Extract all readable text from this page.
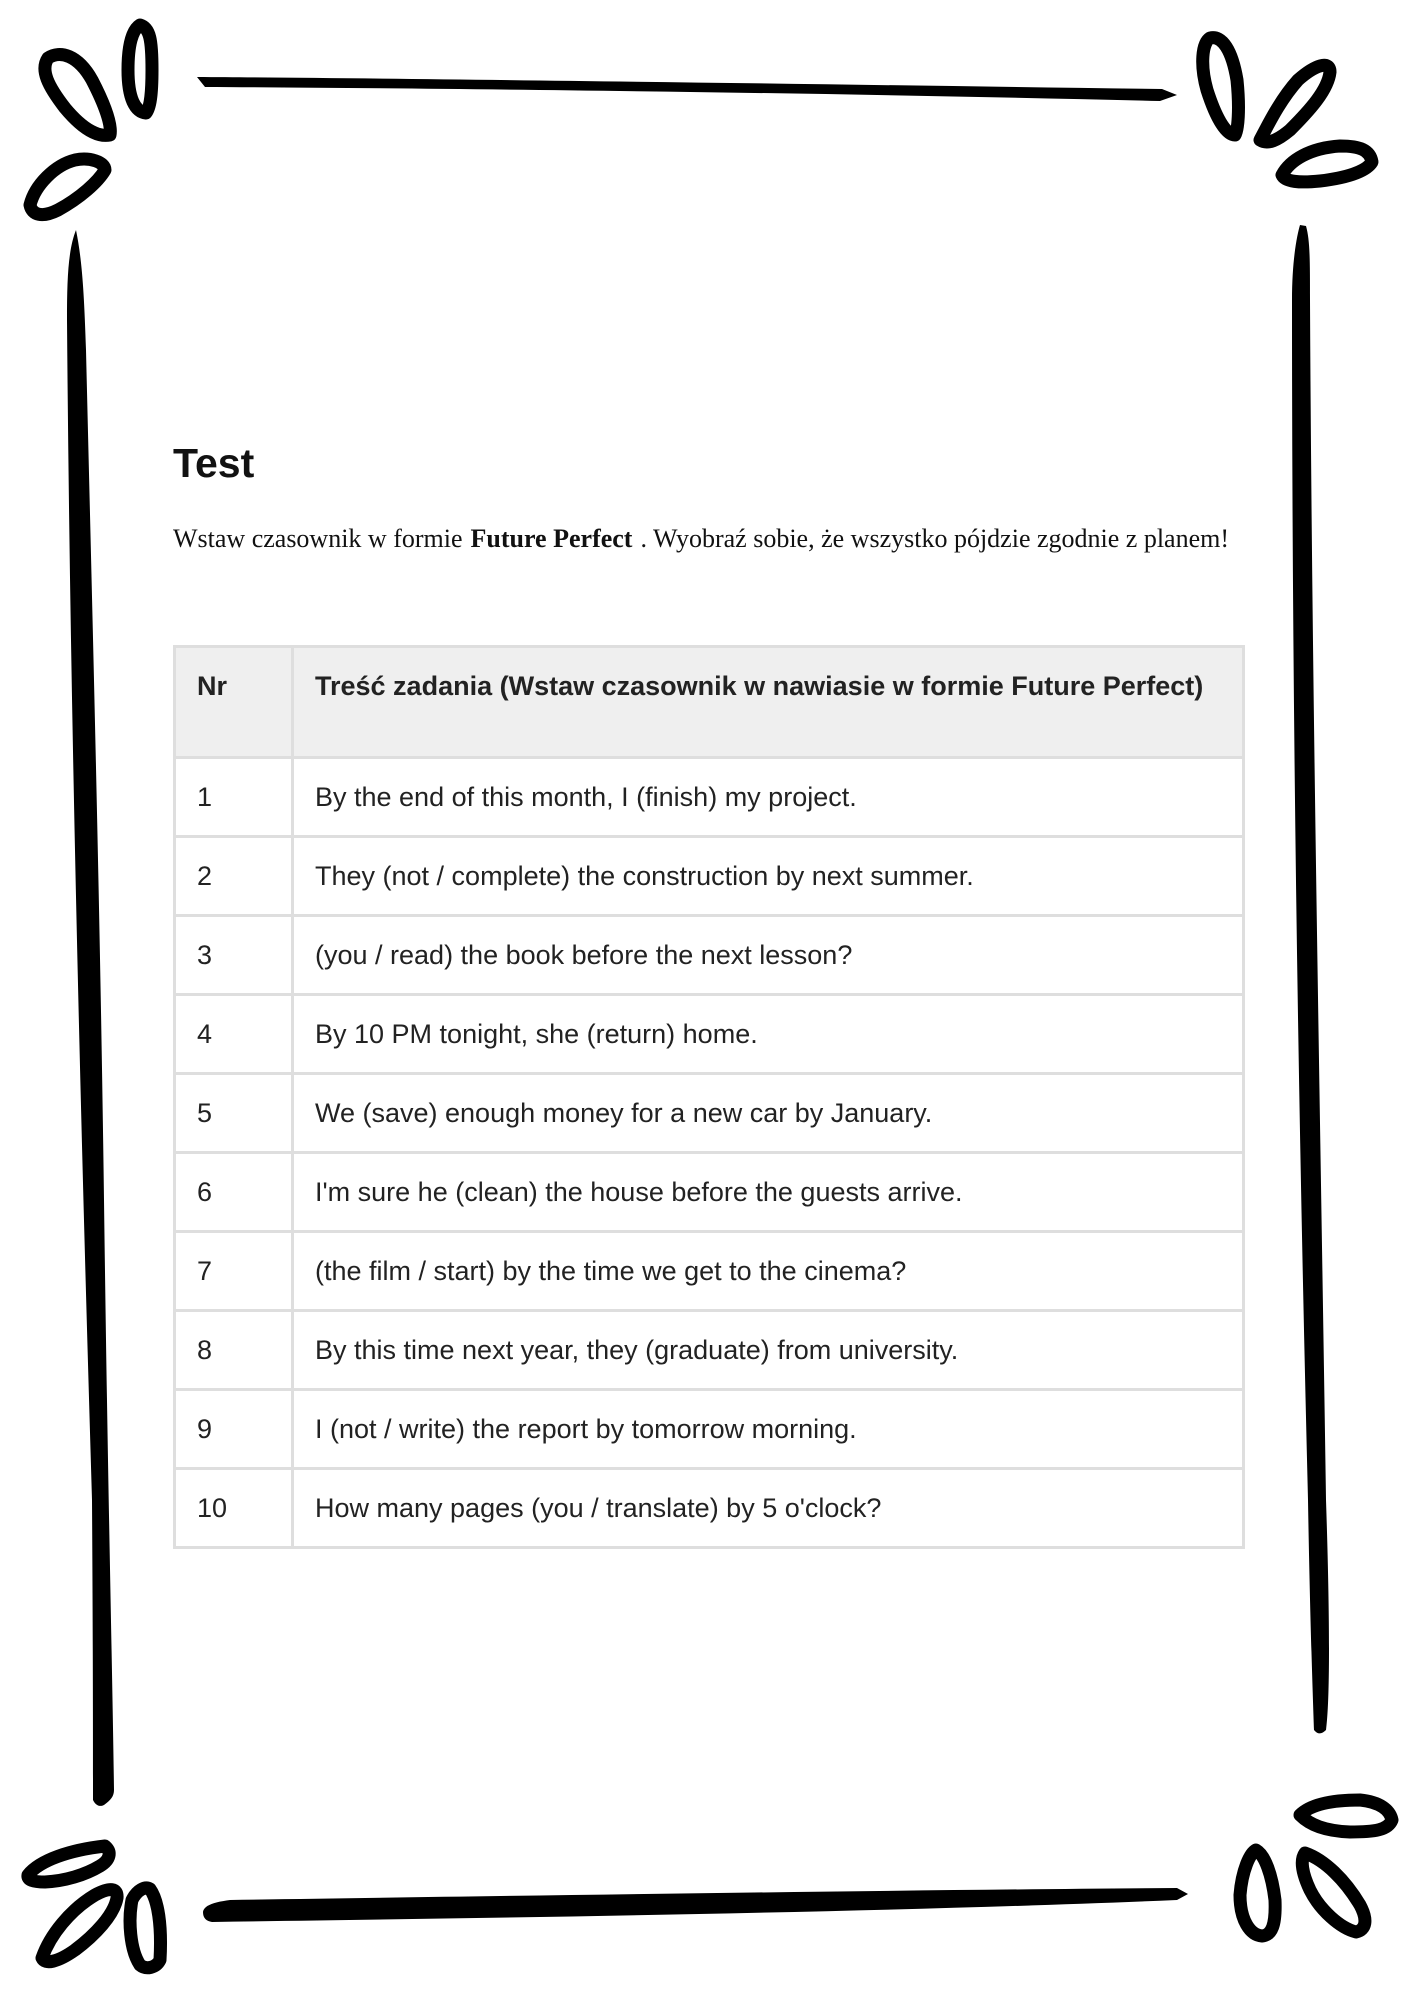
Test
Wstaw czasownik w formie Future Perfect . Wyobraź sobie, że wszystko pójdzie zgodnie z planem!
Nr	Treść zadania (Wstaw czasownik w nawiasie w formie Future Perfect)
1	By the end of this month, I (finish) my project.
2	They (not / complete) the construction by next summer.
3	(you / read) the book before the next lesson?
4	By 10 PM tonight, she (return) home.
5	We (save) enough money for a new car by January.
6	I'm sure he (clean) the house before the guests arrive.
7	(the film / start) by the time we get to the cinema?
8	By this time next year, they (graduate) from university.
9	I (not / write) the report by tomorrow morning.
10	How many pages (you / translate) by 5 o'clock?
